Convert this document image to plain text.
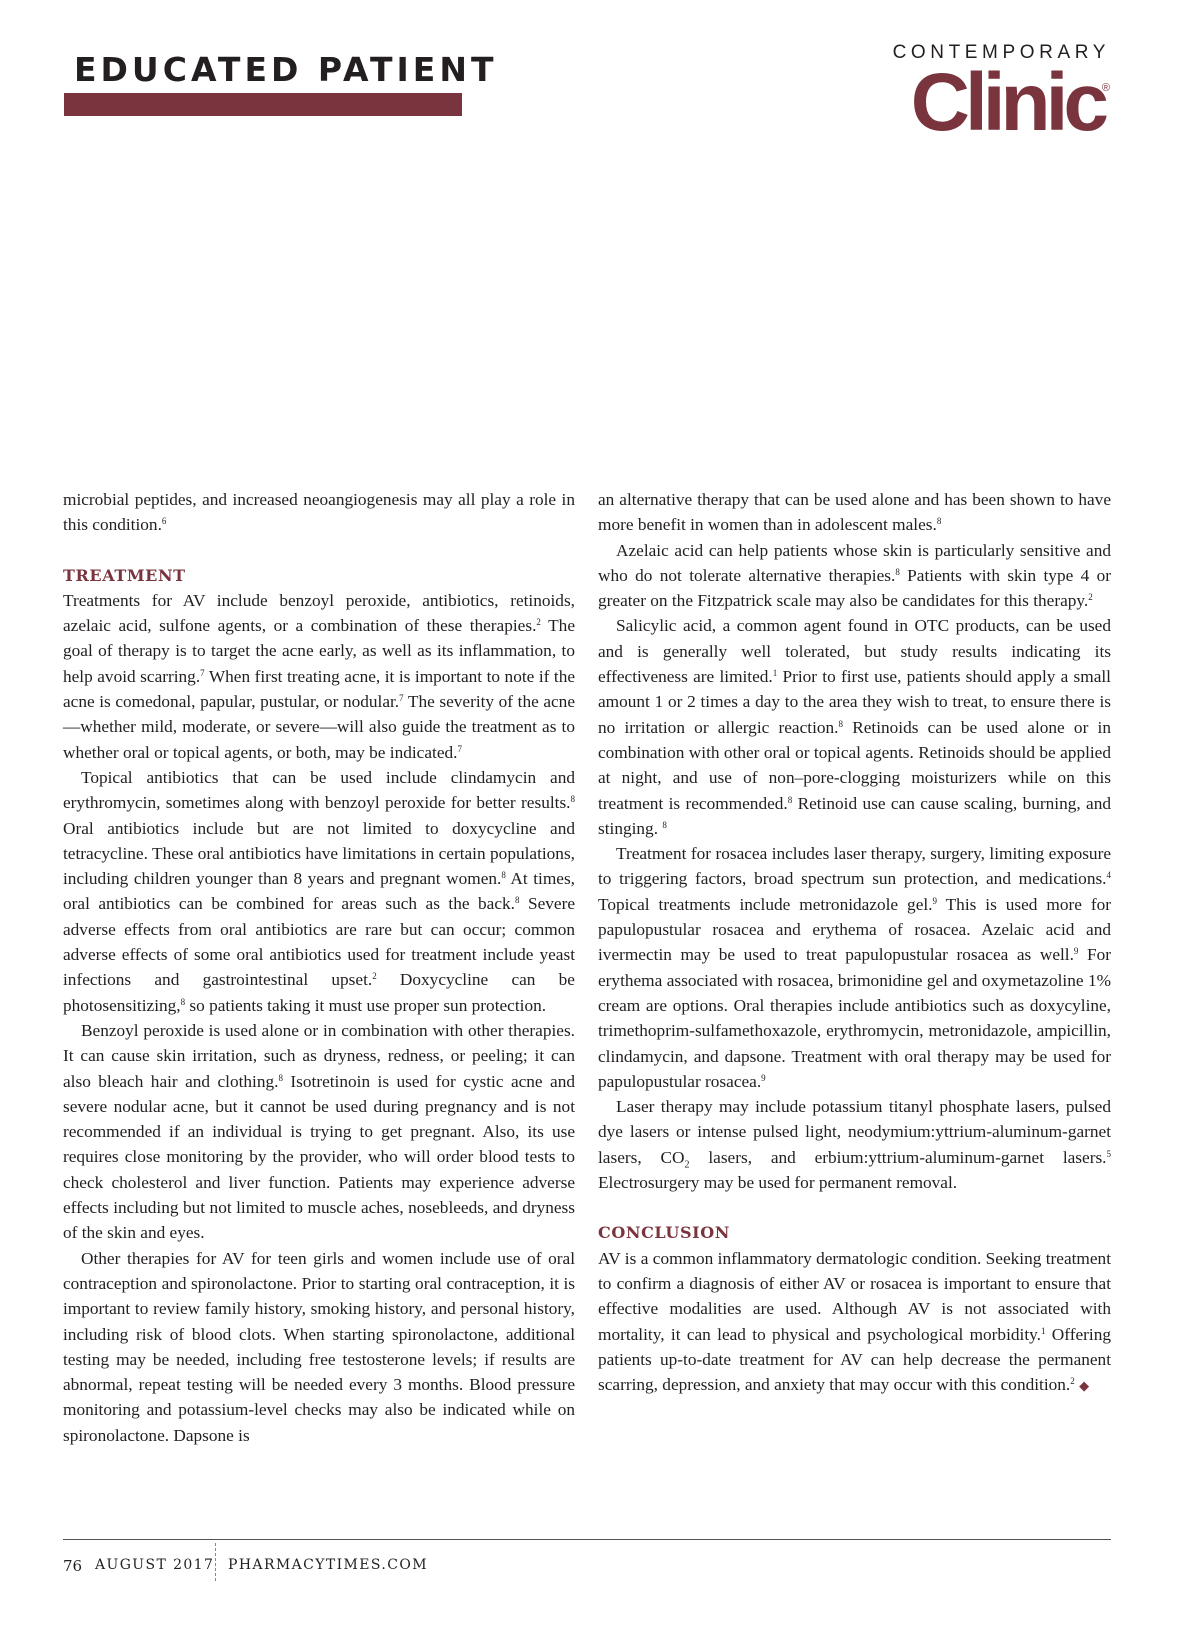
EDUCATED PATIENT	CONTEMPORARY
Clinic
®

microbial peptides, and increased neoangiogenesis may all play a role in this condition.$^6$

TREATMENT

Treatments for AV include benzoyl peroxide, antibiotics, retinoids, azelaic acid, sulfone agents, or a combination of these therapies.$^2$ The goal of therapy is to target the acne early, as well as its inflammation, to help avoid scarring.$^7$ When first treating acne, it is important to note if the acne is comedonal, papular, pustular, or nodular.$^7$ The severity of the acne—whether mild, moderate, or severe—will also guide the treatment as to whether oral or topical agents, or both, may be indicated.$^7$

Topical antibiotics that can be used include clindamycin and erythromycin, sometimes along with benzoyl peroxide for better results.$^8$ Oral antibiotics include but are not limited to doxycycline and tetracycline. These oral antibiotics have limitations in certain populations, including children younger than 8 years and pregnant women.$^8$ At times, oral antibiotics can be combined for areas such as the back.$^8$ Severe adverse effects from oral antibiotics are rare but can occur; common adverse effects of some oral antibiotics used for treatment include yeast infections and gastrointestinal upset.$^2$ Doxycycline can be photosensitizing,$^8$ so patients taking it must use proper sun protection.

Benzoyl peroxide is used alone or in combination with other therapies. It can cause skin irritation, such as dryness, redness, or peeling; it can also bleach hair and clothing.$^8$ Isotretinoin is used for cystic acne and severe nodular acne, but it cannot be used during pregnancy and is not recommended if an individual is trying to get pregnant. Also, its use requires close monitoring by the provider, who will order blood tests to check cholesterol and liver function. Patients may experience adverse effects including but not limited to muscle aches, nosebleeds, and dryness of the skin and eyes.

Other therapies for AV for teen girls and women include use of oral contraception and spironolactone. Prior to starting oral contraception, it is important to review family history, smoking history, and personal history, including risk of blood clots. When starting spironolactone, additional testing may be needed, including free testosterone levels; if results are abnormal, repeat testing will be needed every 3 months. Blood pressure monitoring and potassium-level checks may also be indicated while on spironolactone. Dapsone is

an alternative therapy that can be used alone and has been shown to have more benefit in women than in adolescent males.$^8$

Azelaic acid can help patients whose skin is particularly sensitive and who do not tolerate alternative therapies.$^8$ Patients with skin type 4 or greater on the Fitzpatrick scale may also be candidates for this therapy.$^2$

Salicylic acid, a common agent found in OTC products, can be used and is generally well tolerated, but study results indicating its effectiveness are limited.$^1$ Prior to first use, patients should apply a small amount 1 or 2 times a day to the area they wish to treat, to ensure there is no irritation or allergic reaction.$^8$ Retinoids can be used alone or in combination with other oral or topical agents. Retinoids should be applied at night, and use of non–pore-clogging moisturizers while on this treatment is recommended.$^8$ Retinoid use can cause scaling, burning, and stinging. $^8$

Treatment for rosacea includes laser therapy, surgery, limiting exposure to triggering factors, broad spectrum sun protection, and medications.$^4$ Topical treatments include metronidazole gel.$^9$ This is used more for papulopustular rosacea and erythema of rosacea. Azelaic acid and ivermectin may be used to treat papulopustular rosacea as well.$^9$ For erythema associated with rosacea, brimonidine gel and oxymetazoline 1% cream are options. Oral therapies include antibiotics such as doxycyline, trimethoprim-sulfamethoxazole, erythromycin, metronidazole, ampicillin, clindamycin, and dapsone. Treatment with oral therapy may be used for papulopustular rosacea.$^9$

Laser therapy may include potassium titanyl phosphate lasers, pulsed dye lasers or intense pulsed light, neodymium:yttrium-aluminum-garnet lasers, $CO_2$ lasers, and erbium:yttrium-aluminum-garnet lasers.$^5$ Electrosurgery may be used for permanent removal.

CONCLUSION

AV is a common inflammatory dermatologic condition. Seeking treatment to confirm a diagnosis of either AV or rosacea is important to ensure that effective modalities are used. Although AV is not associated with mortality, it can lead to physical and psychological morbidity.$^1$ Offering patients up-to-date treatment for AV can help decrease the permanent scarring, depression, and anxiety that may occur with this condition.$^2$ ◆

76 AUGUST 2017 PHARMACYTIMES.COM
